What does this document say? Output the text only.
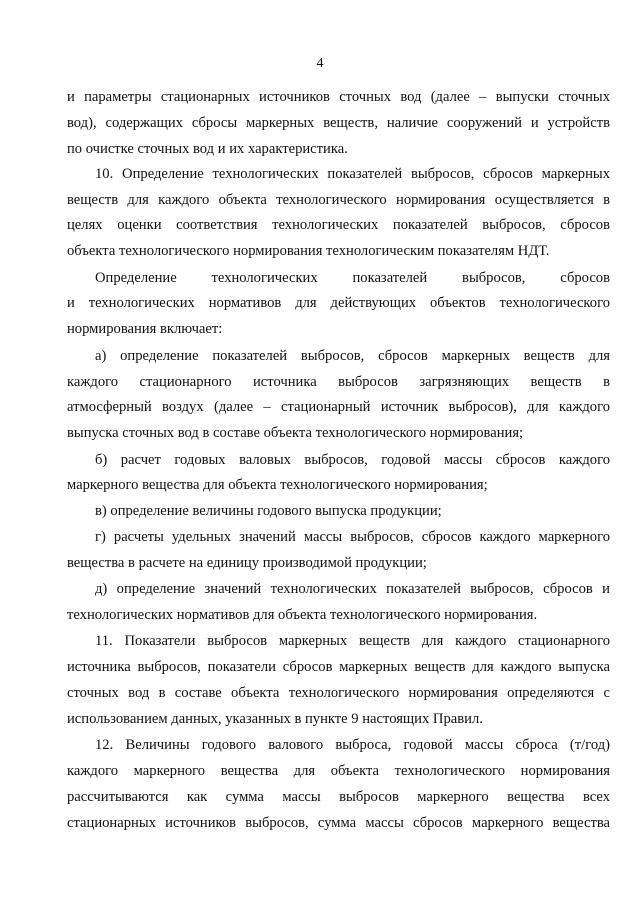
4
и параметры стационарных источников сточных вод (далее – выпуски сточных
вод), содержащих сбросы маркерных веществ, наличие сооружений и устройств
по очистке сточных вод и их характеристика.
10. Определение технологических показателей выбросов, сбросов маркерных
веществ для каждого объекта технологического нормирования осуществляется в
целях оценки соответствия технологических показателей выбросов, сбросов
объекта технологического нормирования технологическим показателям НДТ.
Определение технологических показателей выбросов, сбросов
и технологических нормативов для действующих объектов технологического
нормирования включает:
а) определение показателей выбросов, сбросов маркерных веществ для
каждого стационарного источника выбросов загрязняющих веществ в
атмосферный воздух (далее – стационарный источник выбросов), для каждого
выпуска сточных вод в составе объекта технологического нормирования;
б) расчет годовых валовых выбросов, годовой массы сбросов каждого
маркерного вещества для объекта технологического нормирования;
в) определение величины годового выпуска продукции;
г) расчеты удельных значений массы выбросов, сбросов каждого маркерного
вещества в расчете на единицу производимой продукции;
д) определение значений технологических показателей выбросов, сбросов и
технологических нормативов для объекта технологического нормирования.
11. Показатели выбросов маркерных веществ для каждого стационарного
источника выбросов, показатели сбросов маркерных веществ для каждого выпуска
сточных вод в составе объекта технологического нормирования определяются с
использованием данных, указанных в пункте 9 настоящих Правил.
12. Величины годового валового выброса, годовой массы сброса (т/год)
каждого маркерного вещества для объекта технологического нормирования
рассчитываются как сумма массы выбросов маркерного вещества всех
стационарных источников выбросов, сумма массы сбросов маркерного вещества
